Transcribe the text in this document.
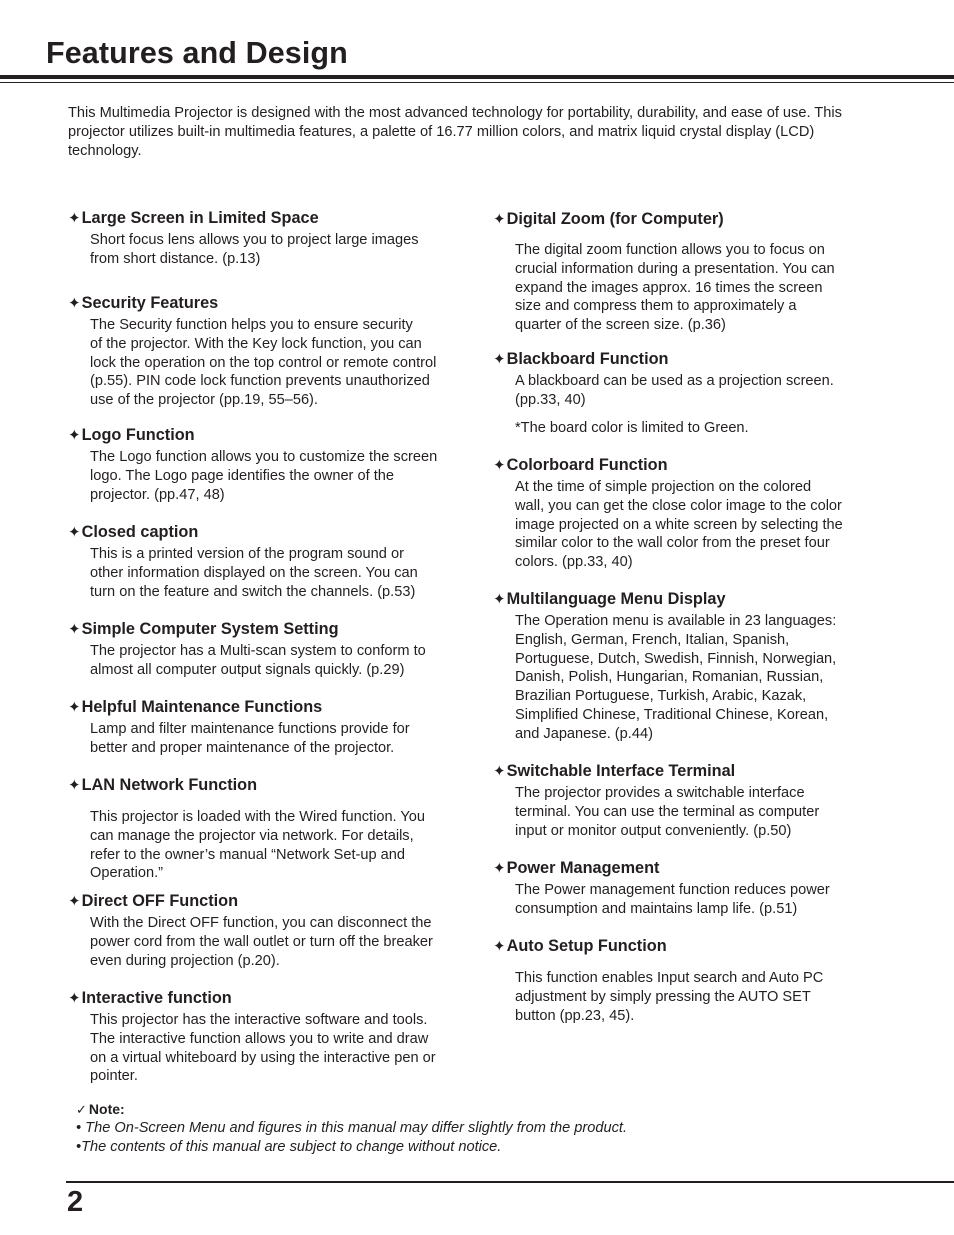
Features and Design

This Multimedia Projector is designed with the most advanced technology for portability, durability, and ease of use. This projector utilizes built-in multimedia features, a palette of 16.77 million colors, and matrix liquid crystal display (LCD) technology.

✓ Note:
• The On-Screen Menu and figures in this manual may differ slightly from the product.
•The contents of this manual are subject to change without notice.
2
✦ Large Screen in Limited Space
Short focus lens allows you to project large images
from short distance. (p.13)
✦ Security Features
The Security function helps you to ensure security
of the projector. With the Key lock function, you can
lock the operation on the top control or remote control
(p.55). PIN code lock function prevents unauthorized
use of the projector (pp.19, 55–56).
✦ Logo Function
The Logo function allows you to customize the screen
logo. The Logo page identifies the owner of the
projector. (pp.47, 48)
✦ Closed caption
This is a printed version of the program sound or
other information displayed on the screen. You can
turn on the feature and switch the channels. (p.53)
✦ Simple Computer System Setting
The projector has a Multi-scan system to conform to
almost all computer output signals quickly. (p.29)
✦ Helpful Maintenance Functions
Lamp and filter maintenance functions provide for
better and proper maintenance of the projector.
✦ LAN Network Function
This projector is loaded with the Wired function. You
can manage the projector via network. For details,
refer to the owner’s manual “Network Set-up and
Operation.”
✦ Direct OFF Function
With the Direct OFF function, you can disconnect the
power cord from the wall outlet or turn off the breaker
even during projection (p.20).
✦ Interactive function
This projector has the interactive software and tools.
The interactive function allows you to write and draw
on a virtual whiteboard by using the interactive pen or
pointer.
✦ Digital Zoom (for Computer)
The digital zoom function allows you to focus on
crucial information during a presentation. You can
expand the images approx. 16 times the screen
size and compress them to approximately a
quarter of the screen size. (p.36)
✦ Blackboard Function
A blackboard can be used as a projection screen.
(pp.33, 40)
*The board color is limited to Green.
✦ Colorboard Function
At the time of simple projection on the colored
wall, you can get the close color image to the color
image projected on a white screen by selecting the
similar color to the wall color from the preset four
colors. (pp.33, 40)
✦ Multilanguage Menu Display
The Operation menu is available in 23 languages:
English, German, French, Italian, Spanish,
Portuguese, Dutch, Swedish, Finnish, Norwegian,
Danish, Polish, Hungarian, Romanian, Russian,
Brazilian Portuguese, Turkish, Arabic, Kazak,
Simplified Chinese, Traditional Chinese, Korean,
and Japanese. (p.44)
✦ Switchable Interface Terminal
The projector provides a switchable interface
terminal. You can use the terminal as computer
input or monitor output conveniently. (p.50)
✦ Power Management
The Power management function reduces power
consumption and maintains lamp life. (p.51)
✦ Auto Setup Function
This function enables Input search and Auto PC
adjustment by simply pressing the AUTO SET
button (pp.23, 45).
